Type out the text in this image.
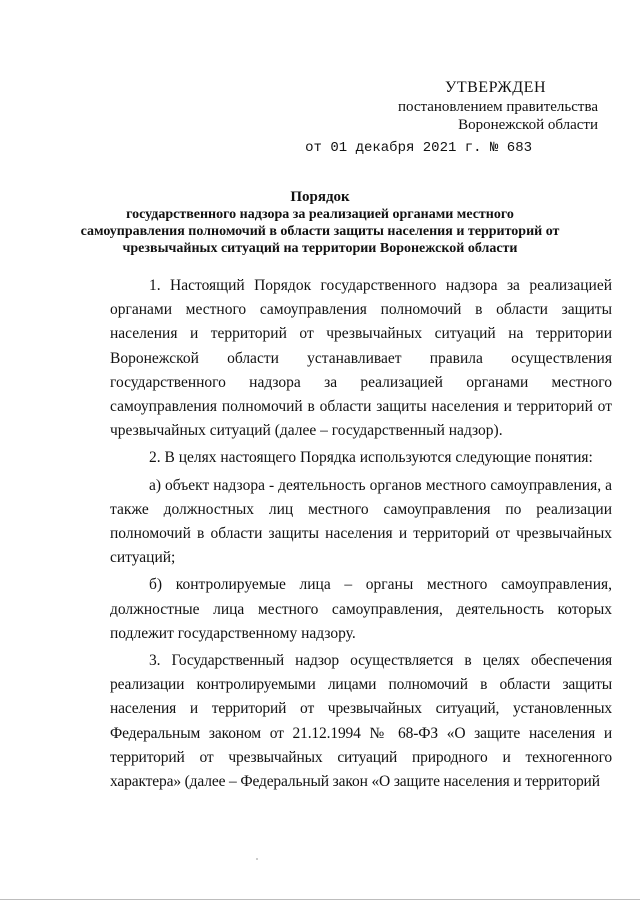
УТВЕРЖДЕН
постановлением правительства
Воронежской области
от 01 декабря 2021 г. № 683
Порядок
государственного надзора за реализацией органами местного
самоуправления полномочий в области защиты населения и территорий от
чрезвычайных ситуаций на территории Воронежской области

1. Настоящий Порядок государственного надзора за реализацией органами местного самоуправления полномочий в области защиты населения и территорий от чрезвычайных ситуаций на территории Воронежской области устанавливает правила осуществления государственного надзора за реализацией органами местного самоуправления полномочий в области защиты населения и территорий от чрезвычайных ситуаций (далее – государственный надзор).

2. В целях настоящего Порядка используются следующие понятия:

а) объект надзора - деятельность органов местного самоуправления, а также должностных лиц местного самоуправления по реализации полномочий в области защиты населения и территорий от чрезвычайных ситуаций;

б) контролируемые лица – органы местного самоуправления, должностные лица местного самоуправления, деятельность которых подлежит государственному надзору.

3. Государственный надзор осуществляется в целях обеспечения реализации контролируемыми лицами полномочий в области защиты населения и территорий от чрезвычайных ситуаций, установленных Федеральным законом от 21.12.1994 № 68-ФЗ «О защите населения и территорий от чрезвычайных ситуаций природного и техногенного характера» (далее – Федеральный закон «О защите населения и территорий
